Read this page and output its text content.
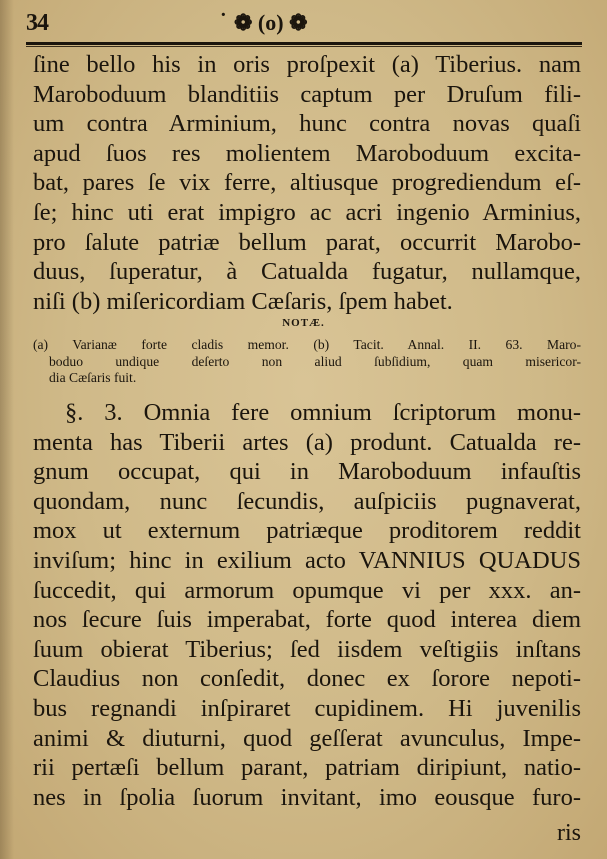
34	· ❁ (o) ❁
ſine bello his in oris proſpexit (a) Tiberius. nam
Maroboduum blanditiis captum per Druſum fili-
um contra Arminium, hunc contra novas quaſi
apud ſuos res molientem Maroboduum excita-
bat, pares ſe vix ferre, altiusque progrediendum eſ-
ſe; hinc uti erat impigro ac acri ingenio Arminius,
pro ſalute patriæ bellum parat, occurrit Marobo-
duus, ſuperatur, à Catualda fugatur, nullamque,
niſi (b) miſericordiam Cæſaris, ſpem habet.
NOTÆ.
(a) Varianæ forte cladis memor. (b) Tacit. Annal. II. 63. Maro-
boduo undique deſerto non aliud ſubſidium, quam misericor-
dia Cæſaris fuit.
§. 3. Omnia fere omnium ſcriptorum monu-
menta has Tiberii artes (a) produnt. Catualda re-
gnum occupat, qui in Maroboduum infauſtis
quondam, nunc ſecundis, auſpiciis pugnaverat,
mox ut externum patriæque proditorem reddit
inviſum; hinc in exilium acto VANNIUS QUADUS
ſuccedit, qui armorum opumque vi per xxx. an-
nos ſecure ſuis imperabat, forte quod interea diem
ſuum obierat Tiberius; ſed iisdem veſtigiis inſtans
Claudius non conſedit, donec ex ſorore nepoti-
bus regnandi inſpiraret cupidinem. Hi juvenilis
animi & diuturni, quod geſſerat avunculus, Impe-
rii pertæſi bellum parant, patriam diripiunt, natio-
nes in ſpolia ſuorum invitant, imo eousque furo-
ris
